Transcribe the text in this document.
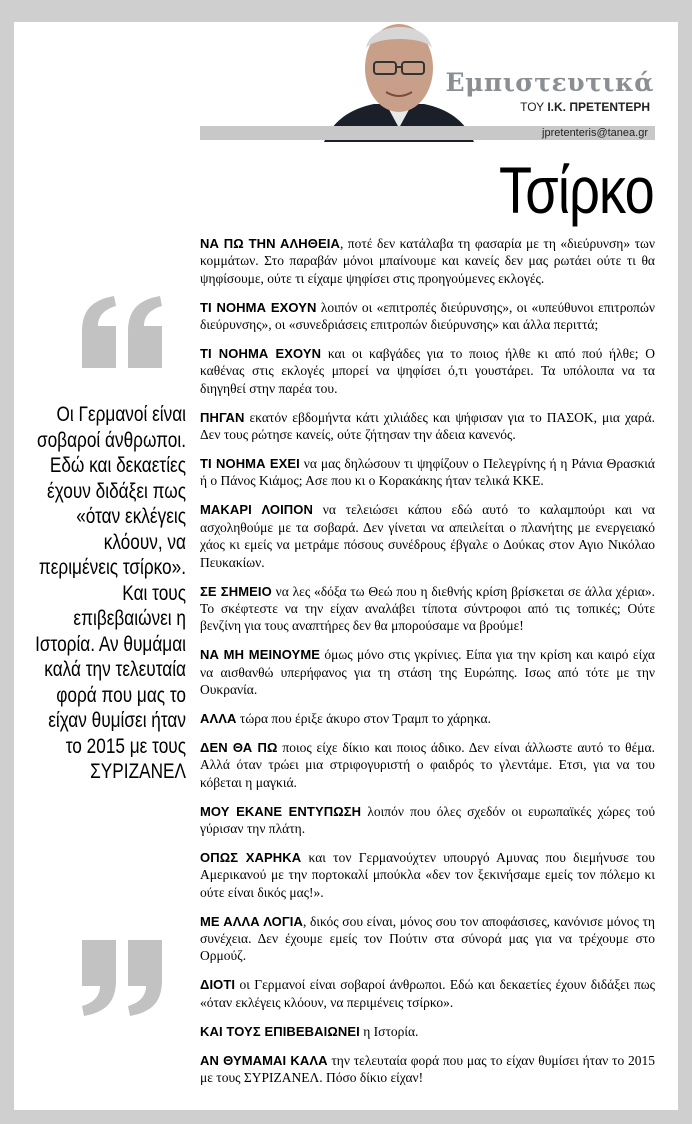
Εμπιστευτικά
ΤΟΥ Ι.Κ. ΠΡΕΤΕΝΤΕΡΗ
jpretenteris@tanea.gr
Τσίρκο
Οι Γερμανοί είναι σοβαροί άνθρωποι. Εδώ και δεκαετίες έχουν διδάξει πως «όταν εκλέγεις κλόουν, να περιμένεις τσίρκο». Και τους επιβεβαιώνει η Ιστορία. Αν θυμάμαι καλά την τελευταία φορά που μας το είχαν θυμίσει ήταν το 2015 με τους ΣΥΡΙΖΑΝΕΛ

ΝΑ ΠΩ ΤΗΝ ΑΛΗΘΕΙΑ, ποτέ δεν κατάλαβα τη φασαρία με τη «διεύρυνση» των κομμάτων. Στο παραβάν μόνοι μπαίνουμε και κανείς δεν μας ρωτάει ούτε τι θα ψηφίσουμε, ούτε τι είχαμε ψηφίσει στις προηγούμενες εκλογές.

ΤΙ ΝΟΗΜΑ ΕΧΟΥΝ λοιπόν οι «επιτροπές διεύρυνσης», οι «υπεύθυνοι επιτροπών διεύρυνσης», οι «συνεδριάσεις επιτροπών διεύρυνσης» και άλλα περιττά;

ΤΙ ΝΟΗΜΑ ΕΧΟΥΝ και οι καβγάδες για το ποιος ήλθε κι από πού ήλθε; Ο καθένας στις εκλογές μπορεί να ψηφίσει ό,τι γουστάρει. Τα υπόλοιπα να τα διηγηθεί στην παρέα του.

ΠΗΓΑΝ εκατόν εβδομήντα κάτι χιλιάδες και ψήφισαν για το ΠΑΣΟΚ, μια χαρά. Δεν τους ρώτησε κανείς, ούτε ζήτησαν την άδεια κανενός.

ΤΙ ΝΟΗΜΑ ΕΧΕΙ να μας δηλώσουν τι ψηφίζουν ο Πελεγρίνης ή η Ράνια Θρασκιά ή ο Πάνος Κιάμος; Ασε που κι ο Κορακάκης ήταν τελικά ΚΚΕ.

ΜΑΚΑΡΙ ΛΟΙΠΟΝ να τελειώσει κάπου εδώ αυτό το καλαμπούρι και να ασχοληθούμε με τα σοβαρά. Δεν γίνεται να απειλείται ο πλανήτης με ενεργειακό χάος κι εμείς να μετράμε πόσους συνέδρους έβγαλε ο Δούκας στον Αγιο Νικόλαο Πευκακίων.

ΣΕ ΣΗΜΕΙΟ να λες «δόξα τω Θεώ που η διεθνής κρίση βρίσκεται σε άλλα χέρια». Το σκέφτεστε να την είχαν αναλάβει τίποτα σύντροφοι από τις τοπικές; Ούτε βενζίνη για τους αναπτήρες δεν θα μπορούσαμε να βρούμε!

ΝΑ ΜΗ ΜΕΙΝΟΥΜΕ όμως μόνο στις γκρίνιες. Είπα για την κρίση και καιρό είχα να αισθανθώ υπερήφανος για τη στάση της Ευρώπης. Ισως από τότε με την Ουκρανία.

ΑΛΛΑ τώρα που έριξε άκυρο στον Τραμπ το χάρηκα.

ΔΕΝ ΘΑ ΠΩ ποιος είχε δίκιο και ποιος άδικο. Δεν είναι άλλωστε αυτό το θέμα. Αλλά όταν τρώει μια στριφογυριστή ο φαιδρός το γλεντάμε. Ετσι, για να του κόβεται η μαγκιά.

ΜΟΥ ΕΚΑΝΕ ΕΝΤΥΠΩΣΗ λοιπόν που όλες σχεδόν οι ευρωπαϊκές χώρες τού γύρισαν την πλάτη.

ΟΠΩΣ ΧΑΡΗΚΑ και τον Γερμανούχτεν υπουργό Αμυνας που διεμήνυσε του Αμερικανού με την πορτοκαλί μπούκλα «δεν τον ξεκινήσαμε εμείς τον πόλεμο κι ούτε είναι δικός μας!».

ΜΕ ΑΛΛΑ ΛΟΓΙΑ, δικός σου είναι, μόνος σου τον αποφάσισες, κανόνισε μόνος τη συνέχεια. Δεν έχουμε εμείς τον Πούτιν στα σύνορά μας για να τρέχουμε στο Ορμούζ.

ΔΙΟΤΙ οι Γερμανοί είναι σοβαροί άνθρωποι. Εδώ και δεκαετίες έχουν διδάξει πως «όταν εκλέγεις κλόουν, να περιμένεις τσίρκο».

ΚΑΙ ΤΟΥΣ ΕΠΙΒΕΒΑΙΩΝΕΙ η Ιστορία.

ΑΝ ΘΥΜΑΜΑΙ ΚΑΛΑ την τελευταία φορά που μας το είχαν θυμίσει ήταν το 2015 με τους ΣΥΡΙΖΑΝΕΛ. Πόσο δίκιο είχαν!
